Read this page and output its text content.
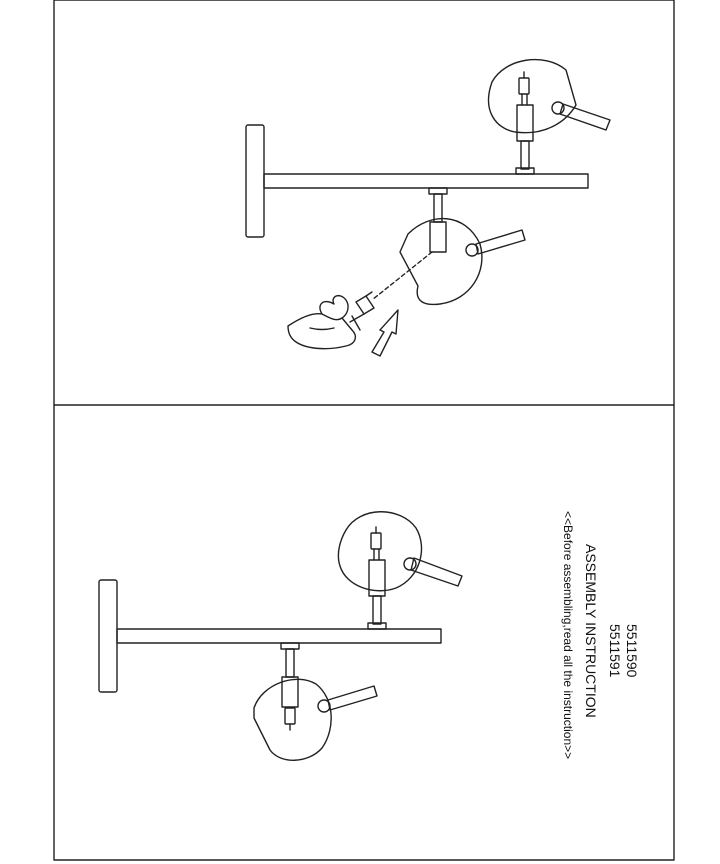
5511590
5511591
ASSEMBLY INSTRUCTION
<<Before assembling,read all the instruction>>
